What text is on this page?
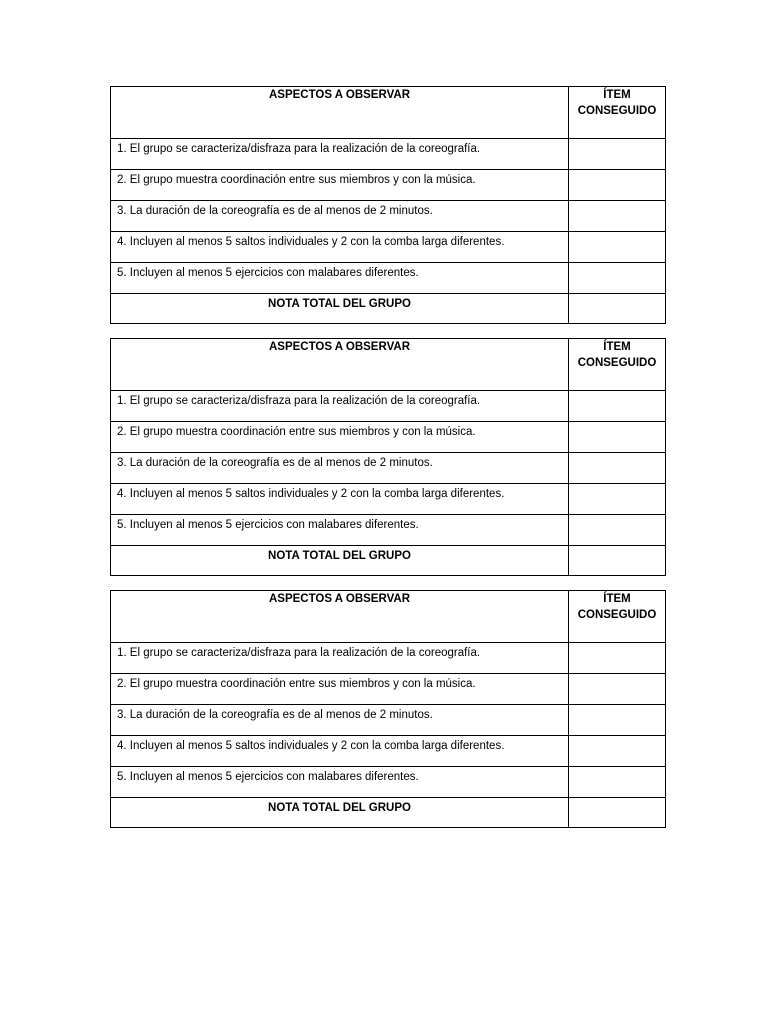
ASPECTOS A OBSERVAR	ÍTEM CONSEGUIDO
1. El grupo se caracteriza/disfraza para la realización de la coreografía.	
2. El grupo muestra coordinación entre sus miembros y con la música.	
3. La duración de la coreografía es de al menos de 2 minutos.	
4. Incluyen al menos 5 saltos individuales y 2 con la comba larga diferentes.	
5. Incluyen al menos 5 ejercicios con malabares diferentes.	
NOTA TOTAL DEL GRUPO	
ASPECTOS A OBSERVAR	ÍTEM CONSEGUIDO
1. El grupo se caracteriza/disfraza para la realización de la coreografía.	
2. El grupo muestra coordinación entre sus miembros y con la música.	
3. La duración de la coreografía es de al menos de 2 minutos.	
4. Incluyen al menos 5 saltos individuales y 2 con la comba larga diferentes.	
5. Incluyen al menos 5 ejercicios con malabares diferentes.	
NOTA TOTAL DEL GRUPO	
ASPECTOS A OBSERVAR	ÍTEM CONSEGUIDO
1. El grupo se caracteriza/disfraza para la realización de la coreografía.	
2. El grupo muestra coordinación entre sus miembros y con la música.	
3. La duración de la coreografía es de al menos de 2 minutos.	
4. Incluyen al menos 5 saltos individuales y 2 con la comba larga diferentes.	
5. Incluyen al menos 5 ejercicios con malabares diferentes.	
NOTA TOTAL DEL GRUPO	
